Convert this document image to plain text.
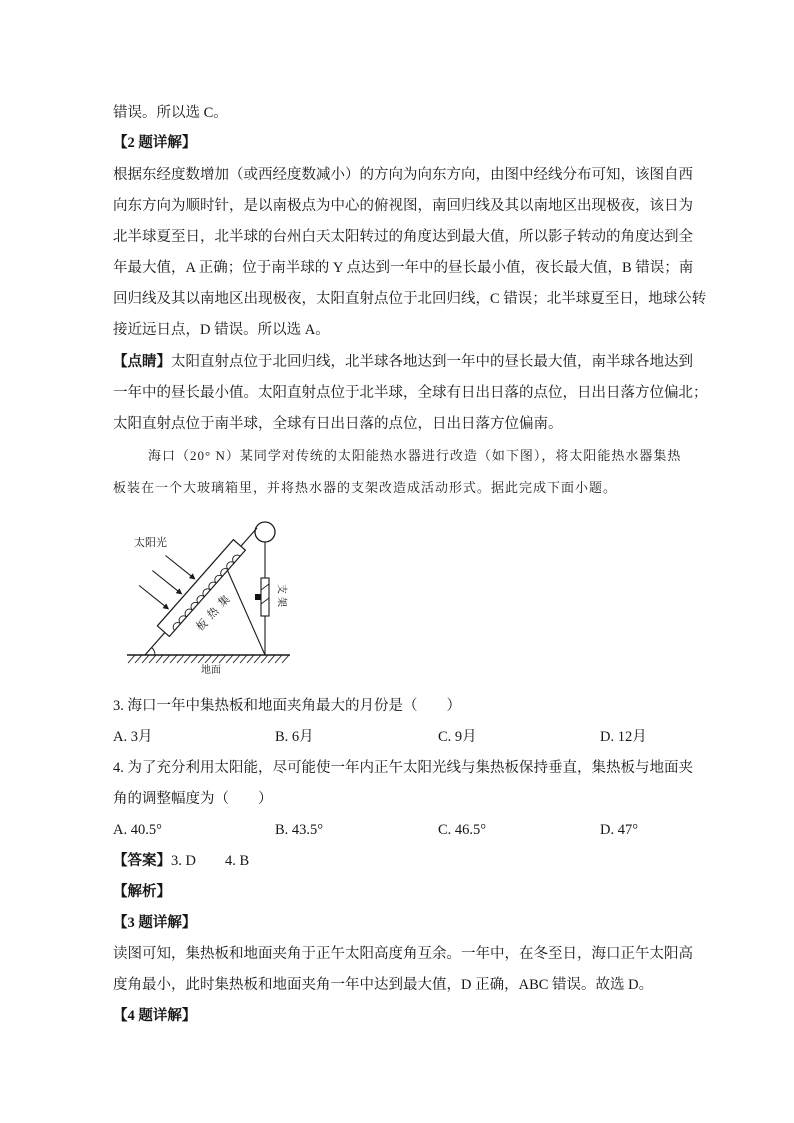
错误。所以选 C。
【2 题详解】
根据东经度数增加（或西经度数减小）的方向为向东方向，由图中经线分布可知，该图自西
向东方向为顺时针，是以南极点为中心的俯视图，南回归线及其以南地区出现极夜，该日为
北半球夏至日，北半球的台州白天太阳转过的角度达到最大值，所以影子转动的角度达到全
年最大值，A 正确；位于南半球的 Y 点达到一年中的昼长最小值，夜长最大值，B 错误；南
回归线及其以南地区出现极夜，太阳直射点位于北回归线，C 错误；北半球夏至日，地球公转
接近远日点，D 错误。所以选 A。
【点睛】太阳直射点位于北回归线，北半球各地达到一年中的昼长最大值，南半球各地达到
一年中的昼长最小值。太阳直射点位于北半球，全球有日出日落的点位，日出日落方位偏北；
太阳直射点位于南半球，全球有日出日落的点位，日出日落方位偏南。
海口（20° N）某同学对传统的太阳能热水器进行改造（如下图），将太阳能热水器集热
板装在一个大玻璃箱里，并将热水器的支架改造成活动形式。据此完成下面小题。
地面
支
架
集
热
板
太阳光
3. 海口一年中集热板和地面夹角最大的月份是（　　）
A. 3月	B. 6月	C. 9月	D. 12月
4. 为了充分利用太阳能，尽可能使一年内正午太阳光线与集热板保持垂直，集热板与地面夹
角的调整幅度为（　　）
A. 40.5°	B. 43.5°	C. 46.5°	D. 47°
【答案】3. D 4. B
【解析】
【3 题详解】
读图可知，集热板和地面夹角于正午太阳高度角互余。一年中，在冬至日，海口正午太阳高
度角最小，此时集热板和地面夹角一年中达到最大值，D 正确，ABC 错误。故选 D。
【4 题详解】
